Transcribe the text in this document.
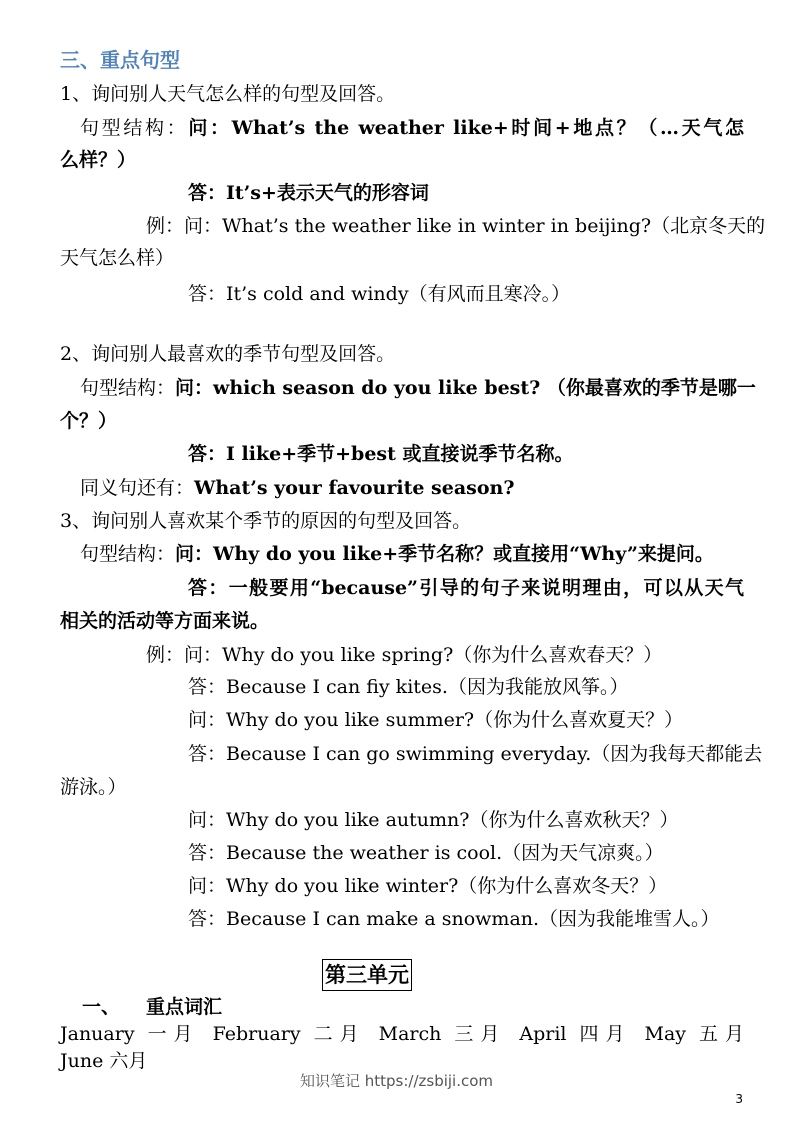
三、重点句型
1、询问别人天气怎么样的句型及回答。
句型结构：问：What’s the weather like+时间+地点？（…天气怎
么样？）
答：It’s+表示天气的形容词
例：问：What’s the weather like in winter in beijing?（北京冬天的
天气怎么样）
答：It’s cold and windy（有风而且寒冷。）
2、询问别人最喜欢的季节句型及回答。
句型结构：问：which season do you like best? （你最喜欢的季节是哪一
个？）
答：I like+季节+best 或直接说季节名称。
同义句还有：What’s your favourite season?
3、询问别人喜欢某个季节的原因的句型及回答。
句型结构：问：Why do you like+季节名称？或直接用“Why”来提问。
答：一般要用“because”引导的句子来说明理由，可以从天气
相关的活动等方面来说。
例：问：Why do you like spring?（你为什么喜欢春天？）
答：Because I can fiy kites.（因为我能放风筝。）
问：Why do you like summer?（你为什么喜欢夏天？）
答：Because I can go swimming everyday.（因为我每天都能去
游泳。）
问：Why do you like autumn?（你为什么喜欢秋天？）
答：Because the weather is cool.（因为天气凉爽。）
问：Why do you like winter?（你为什么喜欢冬天？）
答：Because I can make a snowman.（因为我能堆雪人。）
第三单元
一、 重点词汇
January 一月 February 二月 March 三月 April 四月 May 五月
June 六月
知识笔记 https://zsbiji.com
3
